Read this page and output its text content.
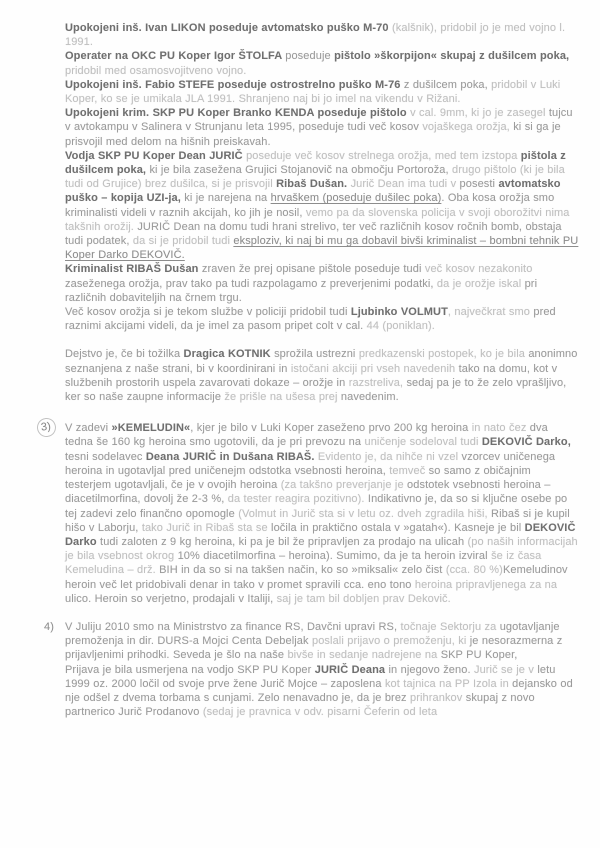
Upokojeni inš. Ivan LIKON poseduje avtomatsko puško M-70 (kalšnik), pridobil jo je med vojno l. 1991.

Operater na OKC PU Koper Igor ŠTOLFA poseduje pištolo »škorpijon« skupaj z dušilcem poka, pridobil med osamosvojitveno vojno.

Upokojeni inš. Fabio STEFE poseduje ostrostrelno puško M-76 z dušilcem poka, pridobil v Luki Koper, ko se je umikala JLA 1991. Shranjeno naj bi jo imel na vikendu v Rižani.

Upokojeni krim. SKP PU Koper Branko KENDA poseduje pištolo v cal. 9mm, ki jo je zasegel tujcu v avtokampu v Salinera v Strunjanu leta 1995, poseduje tudi več kosov vojaškega orožja, ki si ga je prisvojil med delom na hišnih preiskavah.

Vodja SKP PU Koper Dean JURIČ poseduje več kosov strelnega orožja, med tem izstopa pištola z dušilcem poka, ki je bila zasežena Grujici Stojanovič na območju Portoroža, drugo pištolo (ki je bila tudi od Grujice) brez dušilca, si je prisvojil Ribaš Dušan. Jurič Dean ima tudi v posesti avtomatsko puško – kopija UZI-ja, ki je narejena na hrvaškem (poseduje dušilec poka). Oba kosa orožja smo kriminalisti videli v raznih akcijah, ko jih je nosil, vemo pa da slovenska policija v svoji oborožitvi nima takšnih orožij. JURIČ Dean na domu tudi hrani strelivo, ter več različnih kosov ročnih bomb, obstaja tudi podatek, da si je pridobil tudi eksploziv, ki naj bi mu ga dobavil bivši kriminalist – bombni tehnik PU Koper Darko DEKOVIČ.

Kriminalist RIBAŠ Dušan zraven že prej opisane pištole poseduje tudi več kosov nezakonito zaseženega orožja, prav tako pa tudi razpolagamo z preverjenimi podatki, da je orožje iskal pri različnih dobaviteljih na črnem trgu.

Več kosov orožja si je tekom službe v policiji pridobil tudi Ljubinko VOLMUT, največkrat smo pred raznimi akcijami videli, da je imel za pasom pripet colt v cal. 44 (poniklan).

Dejstvo je, če bi tožilka Dragica KOTNIK sprožila ustrezni predkazenski postopek, ko je bila anonimno seznanjena z naše strani, bi v koordinirani in istočani akciji pri vseh navedenih tako na domu, kot v službenih prostorih uspela zavarovati dokaze – orožje in razstreliva, sedaj pa je to že zelo vprašljivo, ker so naše zaupne informacije že prišle na ušesa prej navedenim.

3)	V zadevi »KEMELUDIN«, kjer je bilo v Luki Koper zaseženo prvo 200 kg heroina in nato čez dva tedna še 160 kg heroina smo ugotovili, da je pri prevozu na uničenje sodeloval tudi DEKOVIČ Darko, tesni sodelavec Deana JURIČ in Dušana RIBAŠ. Evidento je, da nihče ni vzel vzorcev uničenega heroina in ugotavljal pred uničenejm odstotka vsebnosti heroina, temveč so samo z običajnim testerjem ugotavljali, če je v ovojih heroina (za takšno preverjanje je odstotek vsebnosti heroina – diacetilmorfina, dovolj že 2-3 %, da tester reagira pozitivno). Indikativno je, da so si ključne osebe po tej zadevi zelo finančno opomogle (Volmut in Jurič sta si v letu oz. dveh zgradila hiši, Ribaš si je kupil hišo v Laborju, tako Jurič in Ribaš sta se ločila in praktično ostala v »gatah«). Kasneje je bil DEKOVIČ Darko tudi zaloten z 9 kg heroina, ki pa je bil že pripravljen za prodajo na ulicah (po naših informacijah je bila vsebnost okrog 10% diacetilmorfina – heroina). Sumimo, da je ta heroin izviral še iz časa Kemeludina – drž. BIH in da so si na takšen način, ko so »miksali« zelo čist (cca. 80 %)Kemeludinov heroin več let pridobivali denar in tako v promet spravili cca. eno tono heroina pripravljenega za na ulico. Heroin so verjetno, prodajali v Italiji, saj je tam bil dobljen prav Dekovič.

4) V Juliju 2010 smo na Ministrstvo za finance RS, Davčni upravi RS, točnaje Sektorju za ugotavljanje premoženja in dir. DURS-a Mojci Centa Debeljak poslali prijavo o premoženju, ki je nesorazmerna z prijavljenimi prihodki. Seveda je šlo na naše bivše in sedanje nadrejene na SKP PU Koper,

Prijava je bila usmerjena na vodjo SKP PU Koper JURIČ Deana in njegovo ženo. Jurič se je v letu 1999 oz. 2000 ločil od svoje prve žene Jurič Mojce – zaposlena kot tajnica na PP Izola in dejansko od nje odšel z dvema torbama s cunjami. Zelo nenavadno je, da je brez prihrankov skupaj z novo partnerico Jurič Prodanovo (sedaj je pravnica v odv. pisarni Čeferin od leta
